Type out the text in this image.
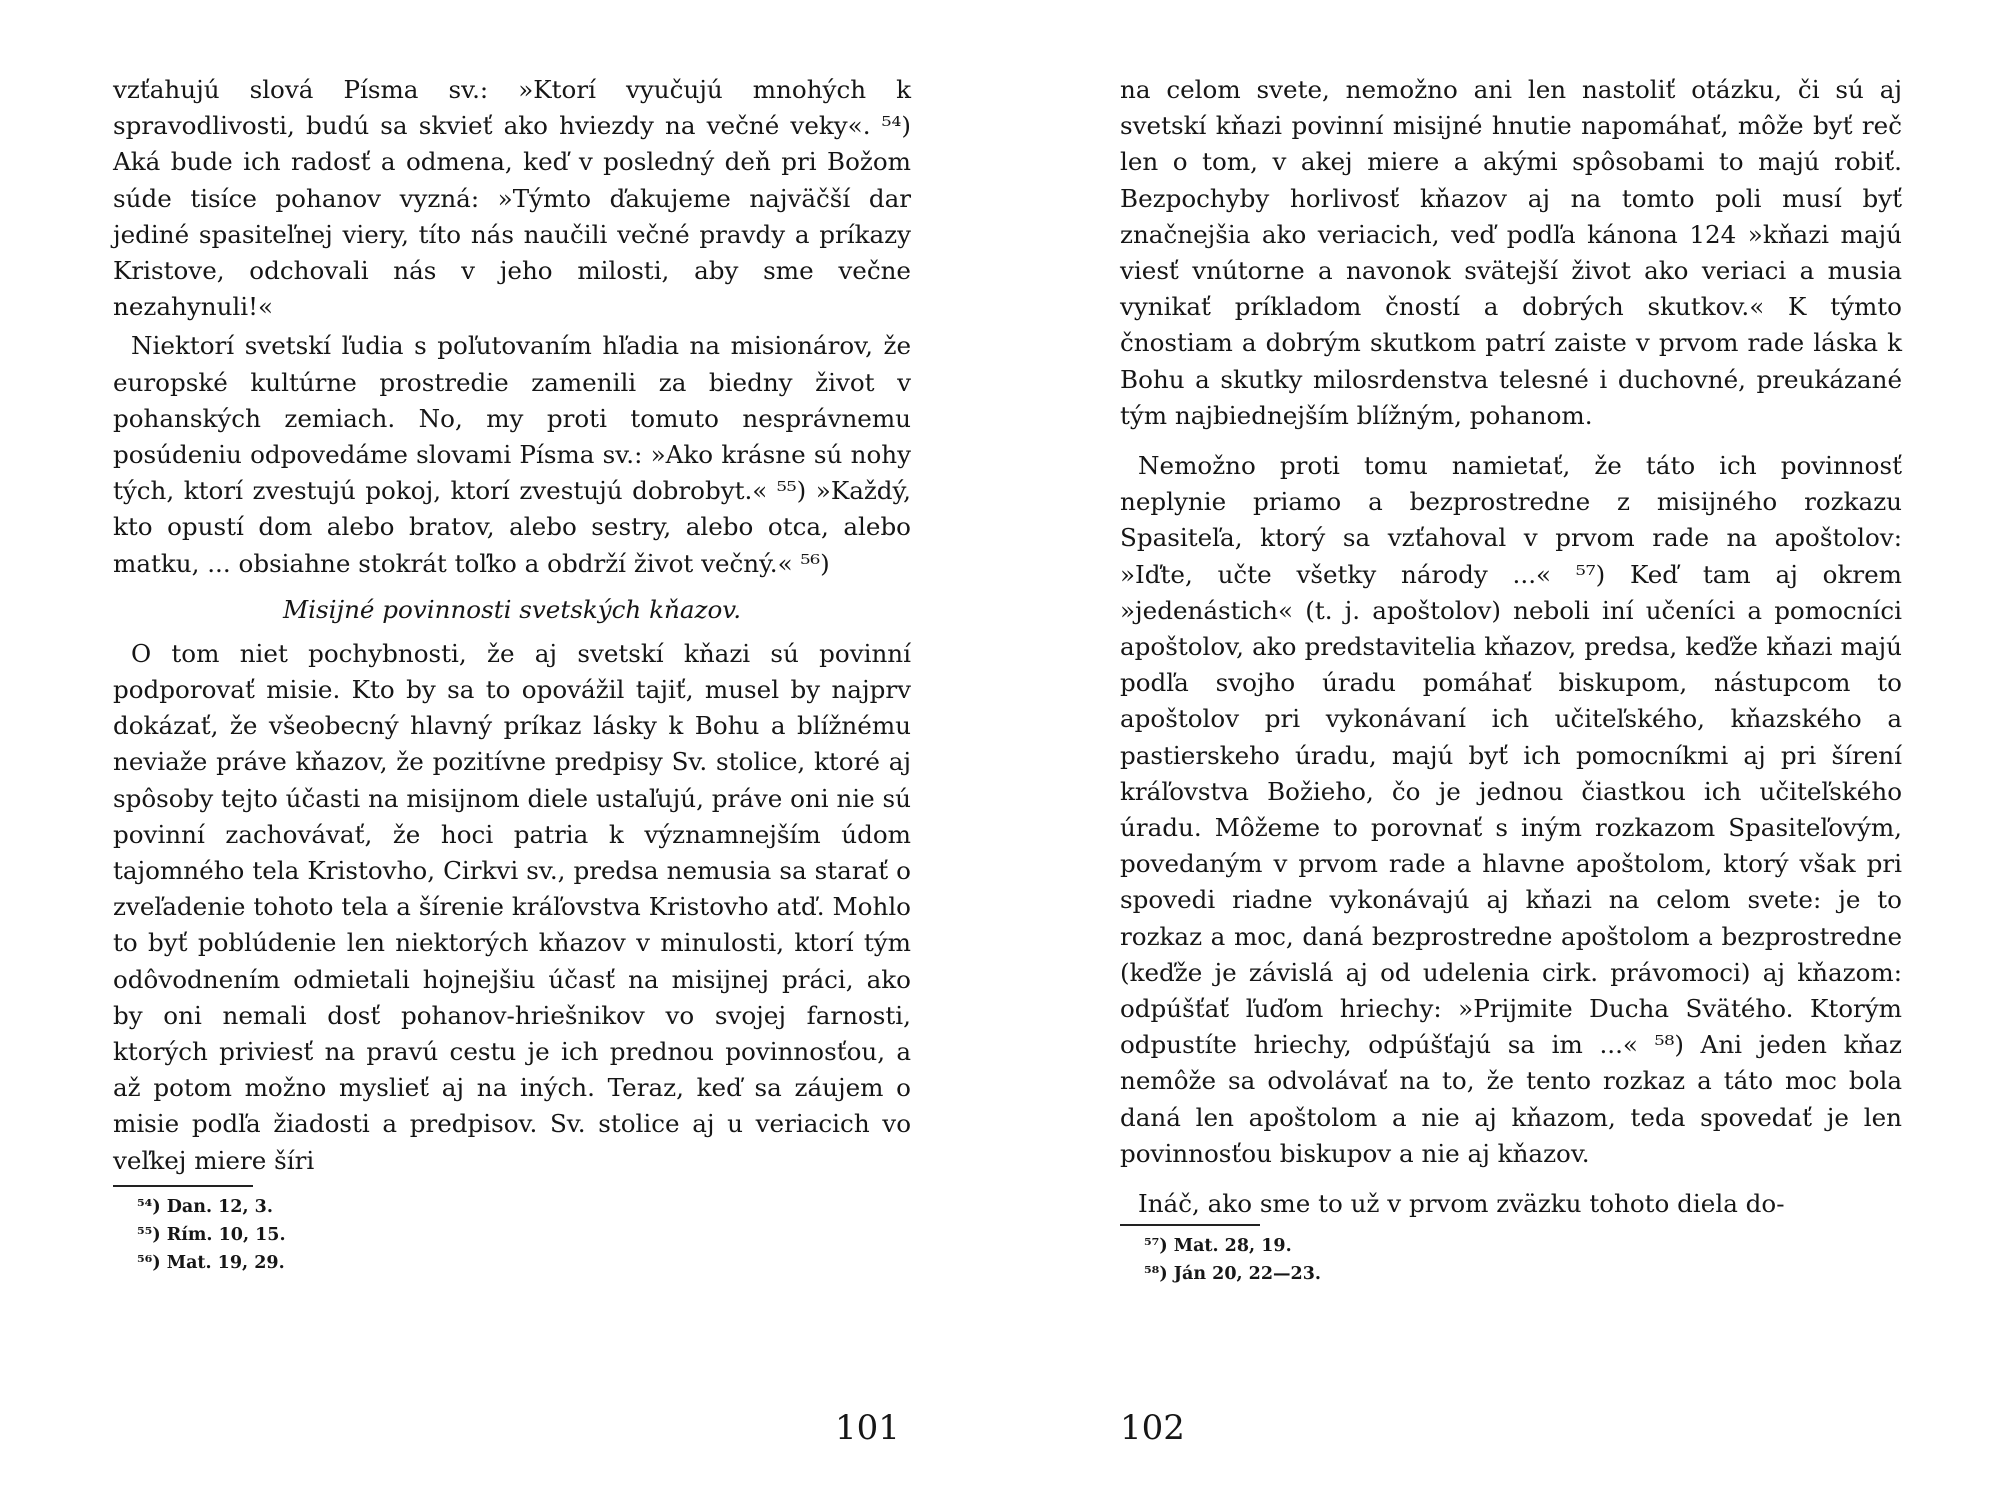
vzťahujú slová Písma sv.: »Ktorí vyučujú mnohých k spravodlivosti, budú sa skvieť ako hviezdy na večné veky«. ⁵⁴) Aká bude ich radosť a odmena, keď v posledný deň pri Božom súde tisíce pohanov vyzná: »Týmto ďakujeme najväčší dar jediné spasiteľnej viery, títo nás naučili večné pravdy a príkazy Kristove, odchovali nás v jeho milosti, aby sme večne nezahynuli!«

Niektorí svetskí ľudia s poľutovaním hľadia na misionárov, že europské kultúrne prostredie zamenili za biedny život v pohanských zemiach. No, my proti tomuto nesprávnemu posúdeniu odpovedáme slovami Písma sv.: »Ako krásne sú nohy tých, ktorí zvestujú pokoj, ktorí zvestujú dobrobyt.« ⁵⁵) »Každý, kto opustí dom alebo bratov, alebo sestry, alebo otca, alebo matku, ... obsiahne stokrát toľko a obdrží život večný.« ⁵⁶)

Misijné povinnosti svetských kňazov.

O tom niet pochybnosti, že aj svetskí kňazi sú povinní podporovať misie. Kto by sa to opovážil tajiť, musel by najprv dokázať, že všeobecný hlavný príkaz lásky k Bohu a blížnému neviaže práve kňazov, že pozitívne predpisy Sv. stolice, ktoré aj spôsoby tejto účasti na misijnom diele ustaľujú, práve oni nie sú povinní zachovávať, že hoci patria k významnejším údom tajomného tela Kristovho, Cirkvi sv., predsa nemusia sa starať o zveľadenie tohoto tela a šírenie kráľovstva Kristovho atď. Mohlo to byť poblúdenie len niektorých kňazov v minulosti, ktorí tým odôvodnením odmietali hojnejšiu účasť na misijnej práci, ako by oni nemali dosť pohanov-hriešnikov vo svojej farnosti, ktorých priviesť na pravú cestu je ich prednou povinnosťou, a až potom možno myslieť aj na iných. Teraz, keď sa záujem o misie podľa žiadosti a predpisov. Sv. stolice aj u veriacich vo veľkej miere šíri

⁵⁴) Dan. 12, 3.
⁵⁵) Rím. 10, 15.
⁵⁶) Mat. 19, 29.

na celom svete, nemožno ani len nastoliť otázku, či sú aj svetskí kňazi povinní misijné hnutie napomáhať, môže byť reč len o tom, v akej miere a akými spôsobami to majú robiť. Bezpochyby horlivosť kňazov aj na tomto poli musí byť značnejšia ako veriacich, veď podľa kánona 124 »kňazi majú viesť vnútorne a navonok svätejší život ako veriaci a musia vynikať príkladom čností a dobrých skutkov.« K týmto čnostiam a dobrým skutkom patrí zaiste v prvom rade láska k Bohu a skutky milosrdenstva telesné i duchovné, preukázané tým najbiednejším blížným, pohanom.

Nemožno proti tomu namietať, že táto ich povinnosť neplynie priamo a bezprostredne z misijného rozkazu Spasiteľa, ktorý sa vzťahoval v prvom rade na apoštolov: »Iďte, učte všetky národy ...« ⁵⁷) Keď tam aj okrem »jedenástich« (t. j. apoštolov) neboli iní učeníci a pomocníci apoštolov, ako predstavitelia kňazov, predsa, keďže kňazi majú podľa svojho úradu pomáhať biskupom, nástupcom to apoštolov pri vykonávaní ich učiteľského, kňazského a pastierskeho úradu, majú byť ich pomocníkmi aj pri šírení kráľovstva Božieho, čo je jednou čiastkou ich učiteľského úradu. Môžeme to porovnať s iným rozkazom Spasiteľovým, povedaným v prvom rade a hlavne apoštolom, ktorý však pri spovedi riadne vykonávajú aj kňazi na celom svete: je to rozkaz a moc, daná bezprostredne apoštolom a bezprostredne (keďže je závislá aj od udelenia cirk. právomoci) aj kňazom: odpúšťať ľuďom hriechy: »Prijmite Ducha Svätého. Ktorým odpustíte hriechy, odpúšťajú sa im ...« ⁵⁸) Ani jeden kňaz nemôže sa odvolávať na to, že tento rozkaz a táto moc bola daná len apoštolom a nie aj kňazom, teda spovedať je len povinnosťou biskupov a nie aj kňazov.

Ináč, ako sme to už v prvom zväzku tohoto diela do-

⁵⁷) Mat. 28, 19.
⁵⁸) Ján 20, 22—23.
101	102
